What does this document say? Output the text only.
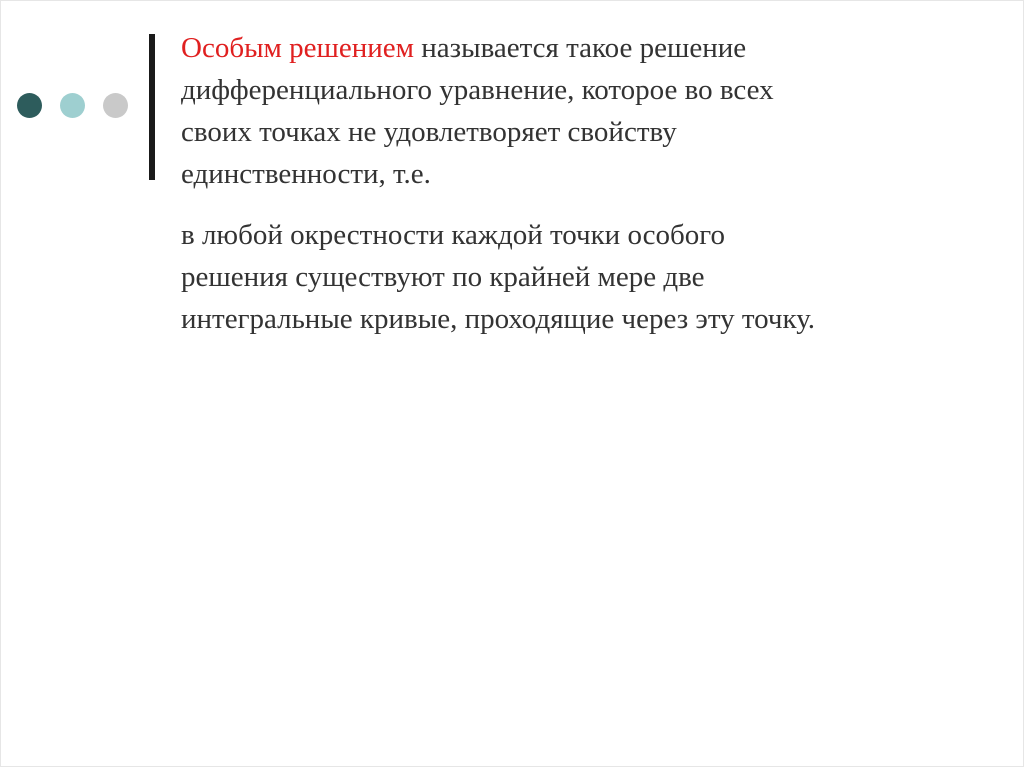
Особым решением называется такое решение
дифференциального уравнение, которое во всех
своих точках не удовлетворяет свойству
единственности, т.е.

в любой окрестности каждой точки особого
решения существуют по крайней мере две
интегральные кривые, проходящие через эту точку.
